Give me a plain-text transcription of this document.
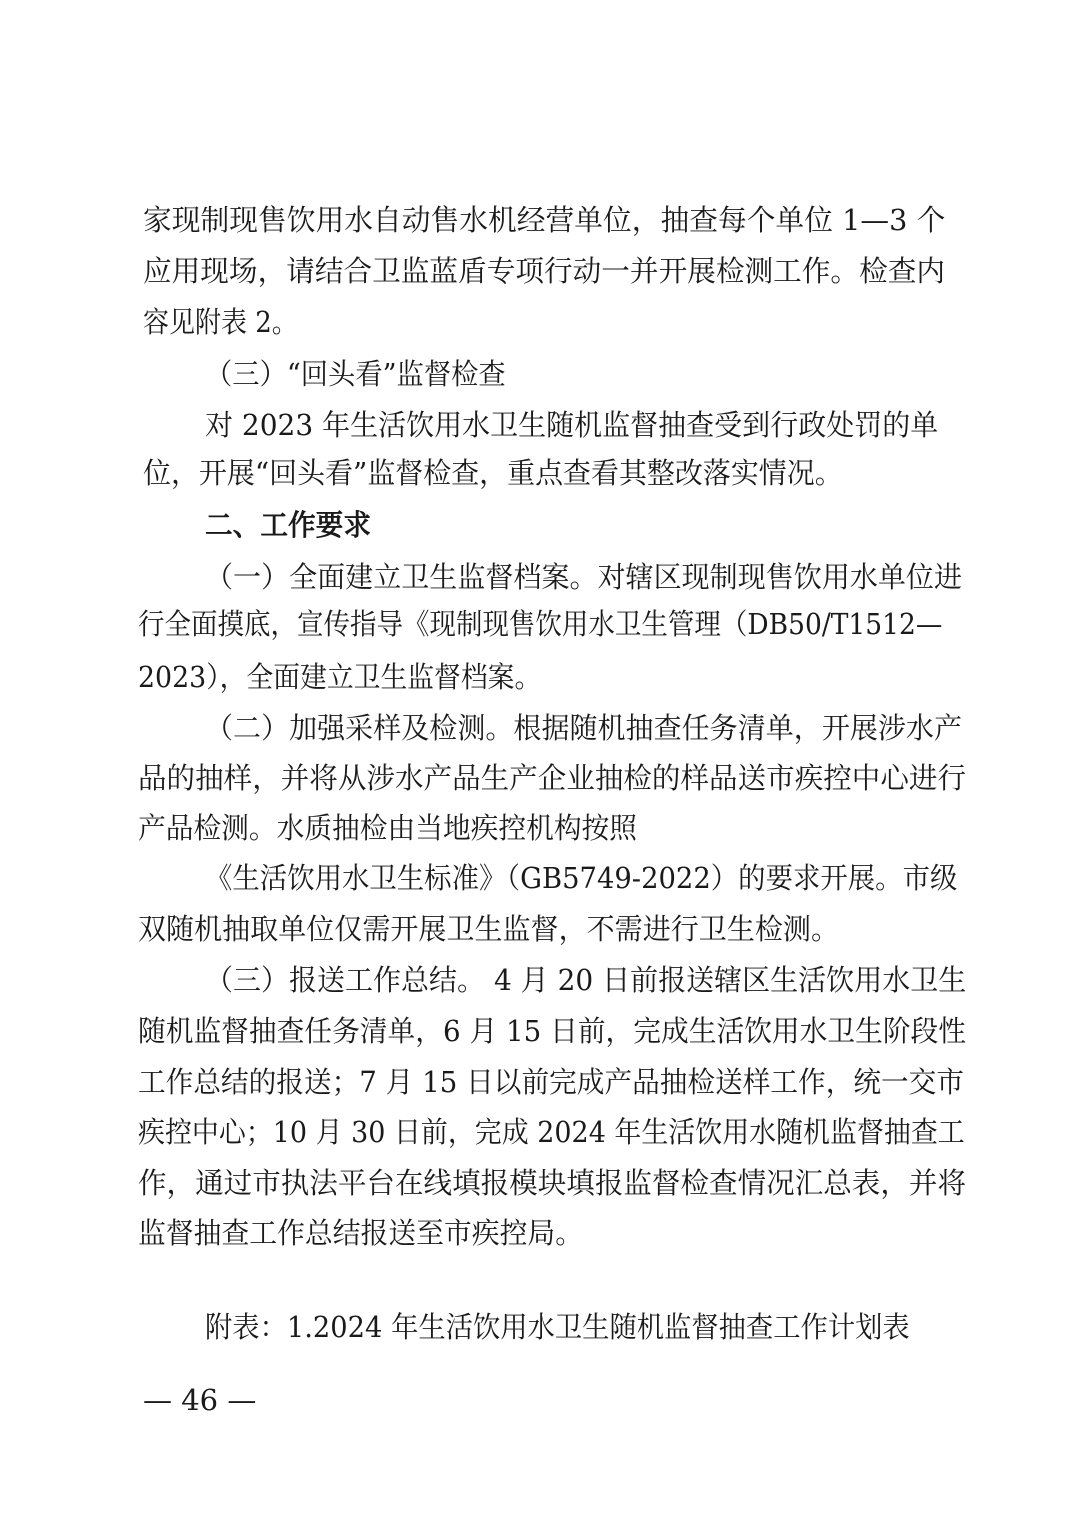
家现制现售饮用水自动售水机经营单位，抽查每个单位 1—3 个
应用现场，请结合卫监蓝盾专项行动一并开展检测工作。检查内
容见附表 2。
（三）“回头看”监督检查
对 2023 年生活饮用水卫生随机监督抽查受到行政处罚的单
位，开展“回头看”监督检查，重点查看其整改落实情况。
二、工作要求
（一）全面建立卫生监督档案。对辖区现制现售饮用水单位进
行全面摸底，宣传指导《现制现售饮用水卫生管理（DB50/T1512—
2023），全面建立卫生监督档案。
（二）加强采样及检测。根据随机抽查任务清单，开展涉水产
品的抽样，并将从涉水产品生产企业抽检的样品送市疾控中心进行
产品检测。水质抽检由当地疾控机构按照
《生活饮用水卫生标准》（GB5749-2022）的要求开展。市级
双随机抽取单位仅需开展卫生监督，不需进行卫生检测。
（三）报送工作总结。 4 月 20 日前报送辖区生活饮用水卫生
随机监督抽查任务清单，6 月 15 日前，完成生活饮用水卫生阶段性
工作总结的报送；7 月 15 日以前完成产品抽检送样工作，统一交市
疾控中心；10 月 30 日前，完成 2024 年生活饮用水随机监督抽查工
作，通过市执法平台在线填报模块填报监督检查情况汇总表，并将
监督抽查工作总结报送至市疾控局。
附表：1.2024 年生活饮用水卫生随机监督抽查工作计划表
— 46 —
